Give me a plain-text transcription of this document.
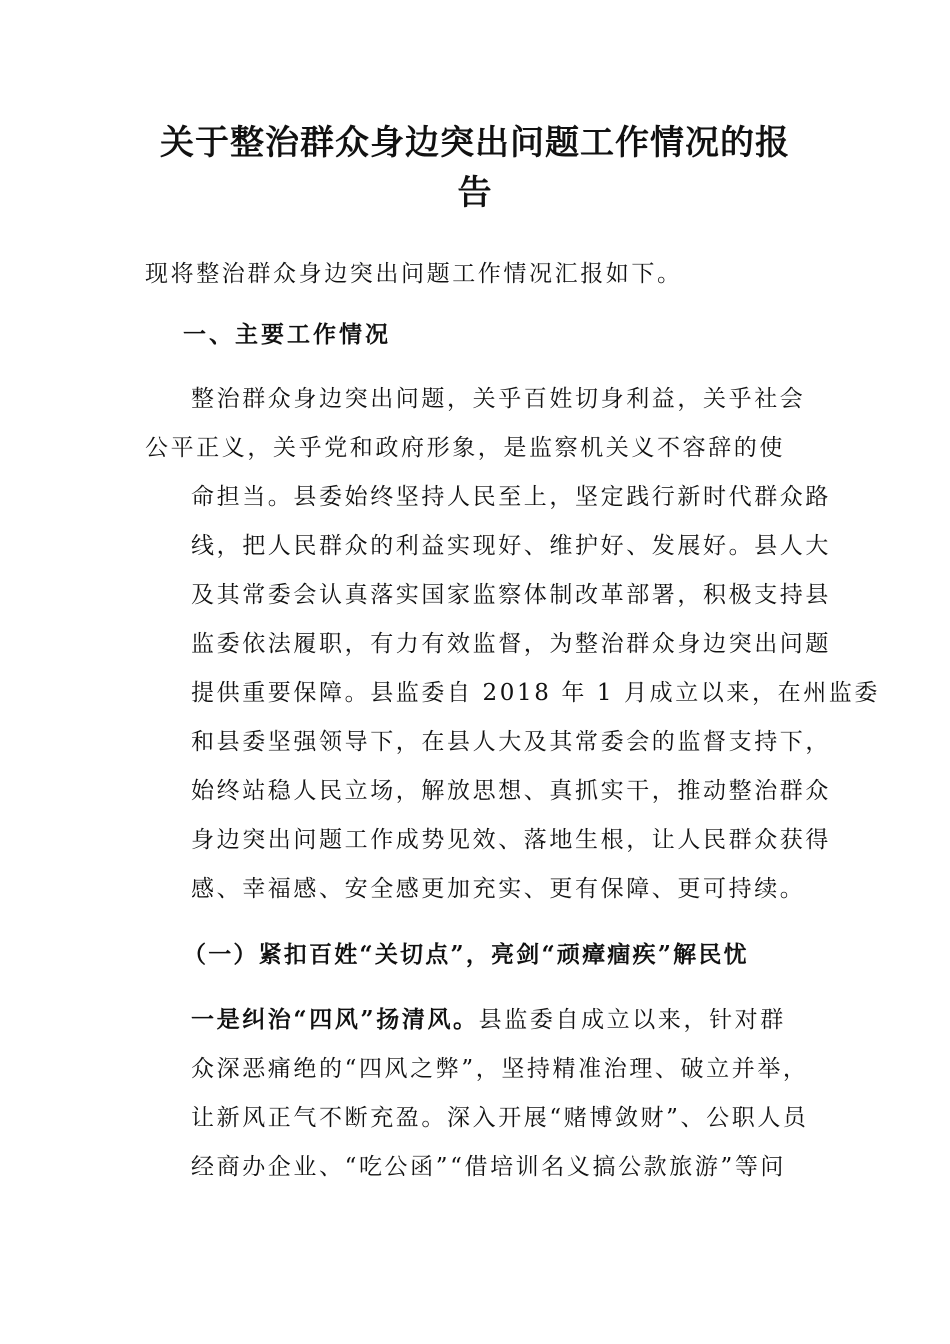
关于整治群众身边突出问题工作情况的报告

现将整治群众身边突出问题工作情况汇报如下。

一、主要工作情况

整治群众身边突出问题，关乎百姓切身利益，关乎社会
公平正义，关乎党和政府形象，是监察机关义不容辞的使
命担当。县委始终坚持人民至上，坚定践行新时代群众路
线，把人民群众的利益实现好、维护好、发展好。县人大
及其常委会认真落实国家监察体制改革部署，积极支持县
监委依法履职，有力有效监督，为整治群众身边突出问题
提供重要保障。县监委自 2018 年 1 月成立以来，在州监委
和县委坚强领导下，在县人大及其常委会的监督支持下，
始终站稳人民立场，解放思想、真抓实干，推动整治群众
身边突出问题工作成势见效、落地生根，让人民群众获得
感、幸福感、安全感更加充实、更有保障、更可持续。

（一）紧扣百姓“关切点”，亮剑“顽瘴痼疾”解民忧

一是纠治“四风”扬清风。县监委自成立以来，针对群
众深恶痛绝的“四风之弊”，坚持精准治理、破立并举，
让新风正气不断充盈。深入开展“赌博敛财”、公职人员
经商办企业、“吃公函”“借培训名义搞公款旅游”等问
